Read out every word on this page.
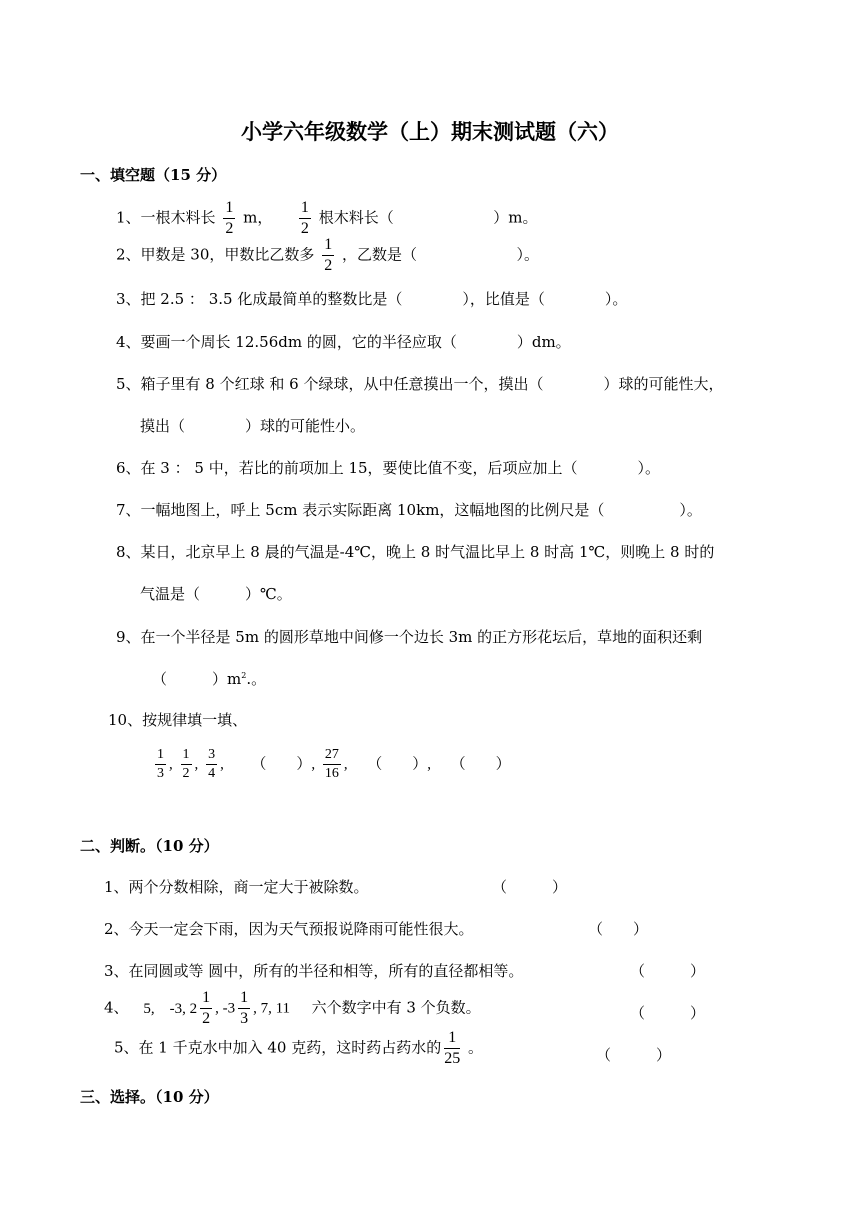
小学六年级数学（上）期末测试题（六）
一、填空题（15 分）
1、一根木料长 $\frac{1}{2}$ m， $\frac{1}{2}$ 根木料长（	）m。
2、甲数是 30，甲数比乙数多 $\frac{1}{2}$ ，乙数是（	）。
3、把 2.5 ： 3.5 化成最简单的整数比是（　　　　），比值是（　　　　）。
4、要画一个周长 12.56dm 的圆，它的半径应取（　　　　）dm。
5、箱子里有 8 个红球 和 6 个绿球，从中任意摸出一个，摸出（　　　　）球的可能性大，
摸出（　　　　）球的可能性小。
6、在 3 ： 5 中，若比的前项加上 15，要使比值不变，后项应加上（　　　　）。
7、一幅地图上，呼上 5cm 表示实际距离 10km，这幅地图的比例尺是（　　　　　）。
8、某日，北京早上 8 晨的气温是-4℃，晚上 8 时气温比早上 8 时高 1℃，则晚上 8 时的
气温是（　　　）℃。
9、在一个半径是 5m 的圆形草地中间修一个边长 3m 的正方形花坛后，草地的面积还剩
（　　　）$m^2$.。
10、按规律填一填、
$\frac{1}{3}$ , $\frac{1}{2}$ , $\frac{3}{4}$ , （　　）, $\frac{27}{16}$ , （　　）, （　　）
二、判断。（10 分）
1、两个分数相除，商一定大于被除数。	（　　　）
2、今天一定会下雨，因为天气预报说降雨可能性很大。	（　　）
3、在同圆或等 圆中，所有的半径和相等，所有的直径都相等。	（　　　）
4、 5,　-3, $2 \frac{1}{2}$ , $-3 \frac{1}{3}$ , 7, 11 六个数字中有 3 个负数。	（　　　）
5、在 1 千克水中加入 40 克药，这时药占药水的 $\frac{1}{25}$ 。	（　　　）
三、选择。（10 分）
